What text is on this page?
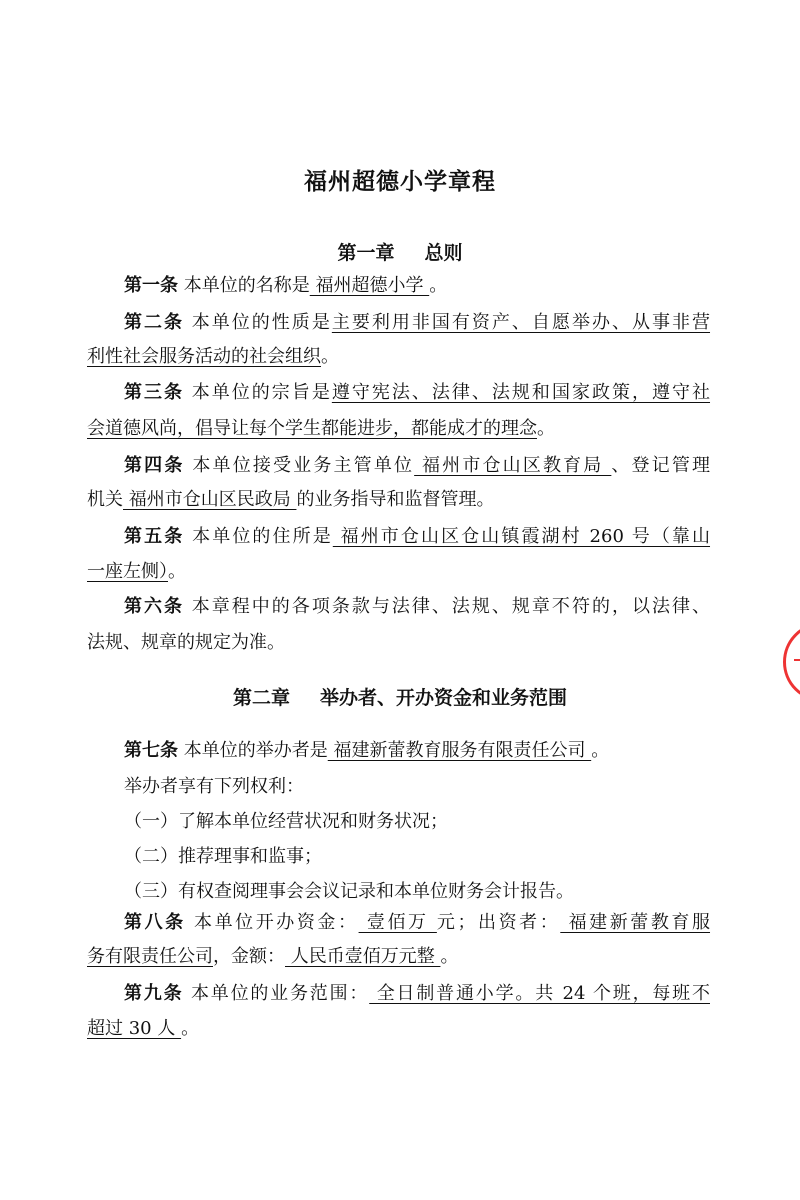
福州超德小学章程
第一章 总则
第一条 本单位的名称是 福州超德小学 。
第二条 本单位的性质是主要利用非国有资产、自愿举办、从事非营
利性社会服务活动的社会组织。
第三条 本单位的宗旨是遵守宪法、法律、法规和国家政策，遵守社
会道德风尚，倡导让每个学生都能进步，都能成才的理念。
第四条 本单位接受业务主管单位 福州市仓山区教育局 、登记管理
机关 福州市仓山区民政局 的业务指导和监督管理。
第五条 本单位的住所是 福州市仓山区仓山镇霞湖村 260 号（靠山
一座左侧）。
第六条 本章程中的各项条款与法律、法规、规章不符的，以法律、
法规、规章的规定为准。
第二章 举办者、开办资金和业务范围
第七条 本单位的举办者是 福建新蕾教育服务有限责任公司 。
举办者享有下列权利：
（一）了解本单位经营状况和财务状况；
（二）推荐理事和监事；
（三）有权查阅理事会会议记录和本单位财务会计报告。
第八条 本单位开办资金： 壹佰万 元；出资者： 福建新蕾教育服
务有限责任公司，金额： 人民币壹佰万元整 。
第九条 本单位的业务范围： 全日制普通小学。共 24 个班，每班不
超过 30 人 。
